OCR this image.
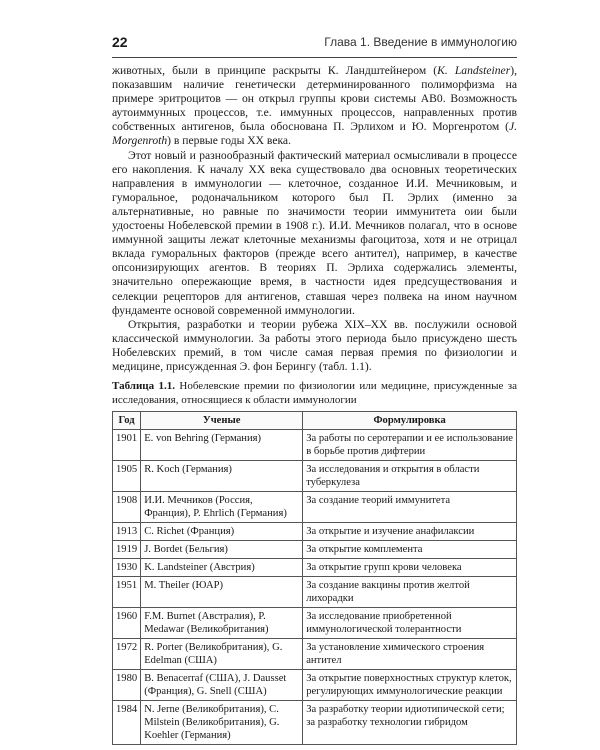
22	Глава 1. Введение в иммунологию

животных, были в принципе раскрыты К. Ландштейнером (K. Landsteiner), показавшим наличие генетически детерминированного полиморфизма на примере эритроцитов — он открыл группы крови системы АВ0. Возможность аутоиммунных процессов, т.е. иммунных процессов, направленных против собственных антигенов, была обоснована П. Эрлихом и Ю. Моргенротом (J. Morgenroth) в первые годы XX века.

Этот новый и разнообразный фактический материал осмысливали в процессе его накопления. К началу XX века существовало два основных теоретических направления в иммунологии — клеточное, созданное И.И. Мечниковым, и гуморальное, родоначальником которого был П. Эрлих (именно за альтернативные, но равные по значимости теории иммунитета оии были удостоены Нобелевской премии в 1908 г.). И.И. Мечников полагал, что в основе иммунной защиты лежат клеточные механизмы фагоцитоза, хотя и не отрицал вклада гуморальных факторов (прежде всего антител), например, в качестве опсонизирующих агентов. В теориях П. Эрлиха содержались элементы, значительно опережающие время, в частности идея предсуществования и селекции рецепторов для антигенов, ставшая через полвека на ином научном фундаменте основой современной иммунологии.

Открытия, разработки и теории рубежа XIX–XX вв. послужили основой классической иммунологии. За работы этого периода было присуждено шесть Нобелевских премий, в том числе самая первая премия по физиологии и медицине, присужденная Э. фон Берингу (табл. 1.1).

Таблица 1.1. Нобелевские премии по физиологии или медицине, присужденные за исследования, относящиеся к области иммунологии

Год	Ученые	Формулировка
1901	E. von Behring (Германия)	За работы по серотерапии и ее использование в борьбе против дифтерии
1905	R. Koch (Германия)	За исследования и открытия в области туберкулеза
1908	И.И. Мечников (Россия, Франция), P. Ehrlich (Германия)	За создание теорий иммунитета
1913	C. Richet (Франция)	За открытие и изучение анафилаксии
1919	J. Bordet (Бельгия)	За открытие комплемента
1930	K. Landsteiner (Австрия)	За открытие групп крови человека
1951	M. Theiler (ЮАР)	За создание вакцины против желтой лихорадки
1960	F.M. Burnet (Австралия), P. Medawar (Великобритания)	За исследование приобретенной иммунологической толерантности
1972	R. Porter (Великобритания), G. Edelman (США)	За установление химического строения антител
1980	B. Benacerraf (США), J. Dausset (Франция), G. Snell (США)	За открытие поверхностных структур клеток, регулирующих иммунологические реакции
1984	N. Jerne (Великобритания), C. Milstein (Великобритания), G. Koehler (Германия)	За разработку теории идиотипической сети; за разработку технологии гибридом
